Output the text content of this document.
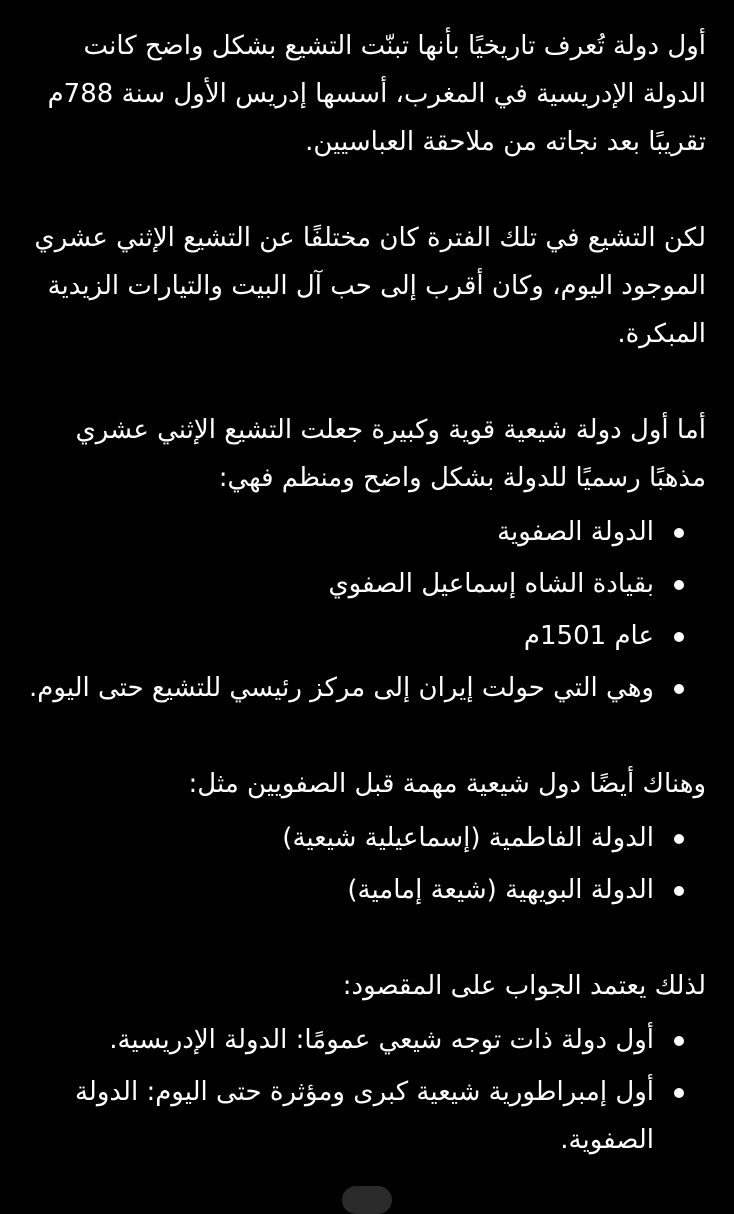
أول دولة تُعرف تاريخيًا بأنها تبنّت التشيع بشكل واضح كانت الدولة الإدريسية في المغرب، أسسها إدريس الأول سنة 788م تقريبًا بعد نجاته من ملاحقة العباسيين.

لكن التشيع في تلك الفترة كان مختلفًا عن التشيع الإثني عشري الموجود اليوم، وكان أقرب إلى حب آل البيت والتيارات الزيدية المبكرة.

أما أول دولة شيعية قوية وكبيرة جعلت التشيع الإثني عشري مذهبًا رسميًا للدولة بشكل واضح ومنظم فهي:

الدولة الصفوية
بقيادة الشاه إسماعيل الصفوي
عام 1501م
وهي التي حولت إيران إلى مركز رئيسي للتشيع حتى اليوم.

وهناك أيضًا دول شيعية مهمة قبل الصفويين مثل:

الدولة الفاطمية (إسماعيلية شيعية)
الدولة البويهية (شيعة إمامية)

لذلك يعتمد الجواب على المقصود:

أول دولة ذات توجه شيعي عمومًا: الدولة الإدريسية.
أول إمبراطورية شيعية كبرى ومؤثرة حتى اليوم: الدولة الصفوية.
